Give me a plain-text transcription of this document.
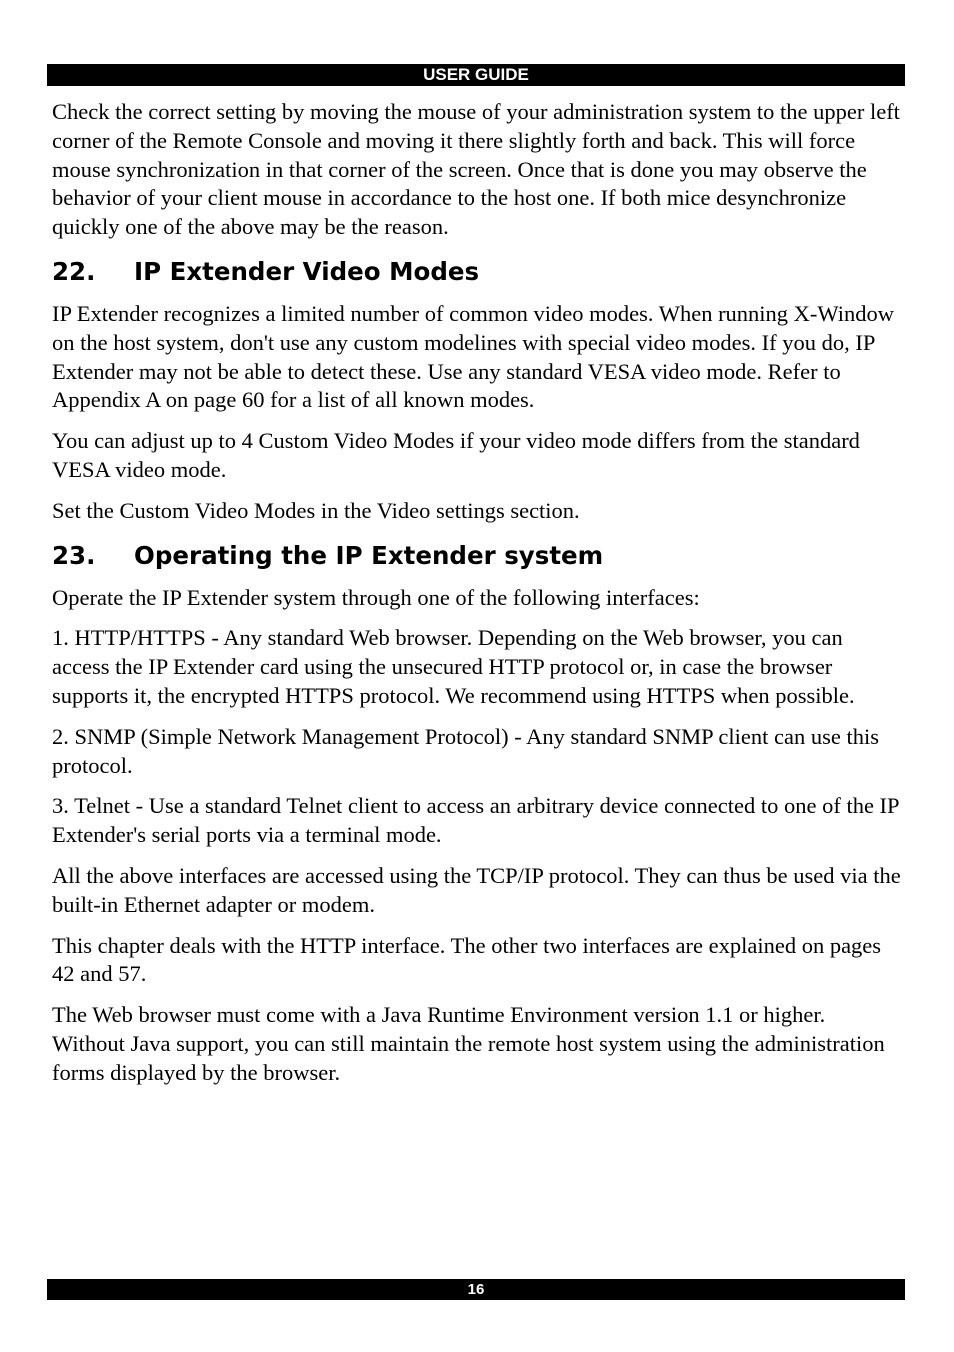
USER GUIDE

Check the correct setting by moving the mouse of your administration system to the upper left corner of the Remote Console and moving it there slightly forth and back. This will force mouse synchronization in that corner of the screen. Once that is done you may observe the behavior of your client mouse in accordance to the host one. If both mice desynchronize quickly one of the above may be the reason.

22.	IP Extender Video Modes

IP Extender recognizes a limited number of common video modes. When running X-Window on the host system, don't use any custom modelines with special video modes. If you do, IP Extender may not be able to detect these. Use any standard VESA video mode. Refer to Appendix A on page 60 for a list of all known modes.

You can adjust up to 4 Custom Video Modes if your video mode differs from the standard VESA video mode.

Set the Custom Video Modes in the Video settings section.

23.	Operating the IP Extender system

Operate the IP Extender system through one of the following interfaces:

1. HTTP/HTTPS - Any standard Web browser. Depending on the Web browser, you can access the IP Extender card using the unsecured HTTP protocol or, in case the browser supports it, the encrypted HTTPS protocol. We recommend using HTTPS when possible.

2. SNMP (Simple Network Management Protocol) - Any standard SNMP client can use this protocol.

3. Telnet - Use a standard Telnet client to access an arbitrary device connected to one of the IP Extender's serial ports via a terminal mode.

All the above interfaces are accessed using the TCP/IP protocol. They can thus be used via the built-in Ethernet adapter or modem.

This chapter deals with the HTTP interface. The other two interfaces are explained on pages 42 and 57.

The Web browser must come with a Java Runtime Environment version 1.1 or higher. Without Java support, you can still maintain the remote host system using the administration forms displayed by the browser.

16
